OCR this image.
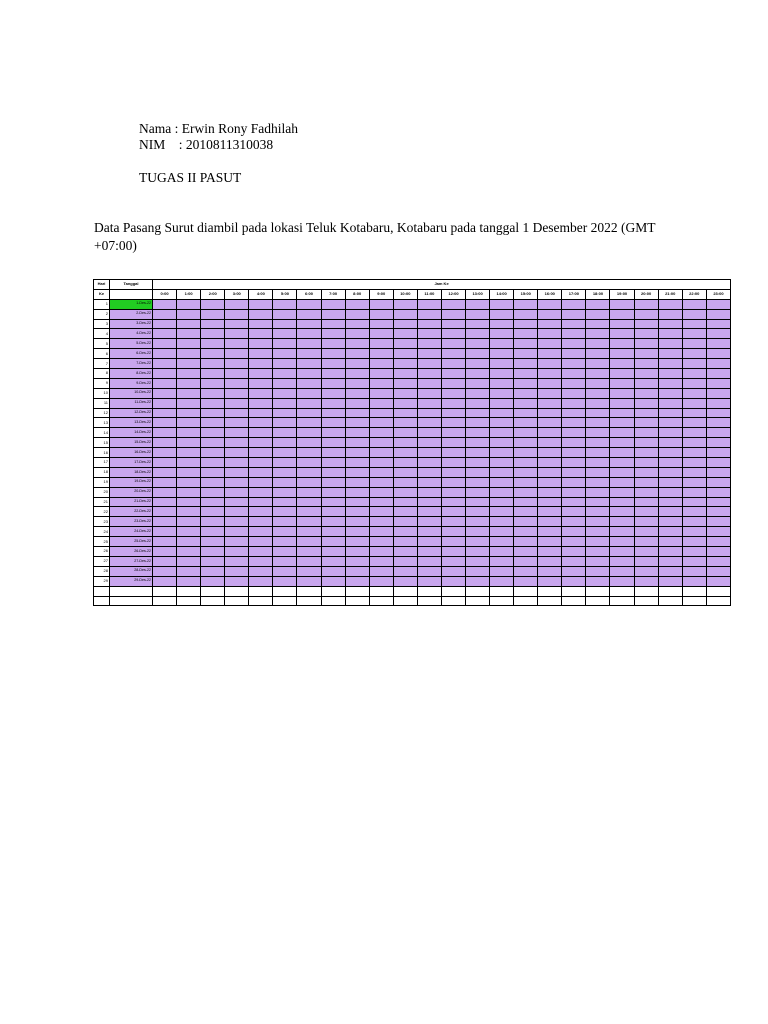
Nama : Erwin Rony Fadhilah
NIM    : 2010811310038
TUGAS II PASUT
Data Pasang Surut diambil pada lokasi Teluk Kotabaru, Kotabaru pada tanggal 1 Desember 2022 (GMT +07:00)
Hari	Tanggal	Jam Ke																							
Ke		0:00	1:00	2:00	3:00	4:00	5:00	6:00	7:00	8:00	9:00	10:00	11:00	12:00	13:00	14:00	15:00	16:00	17:00	18:00	19:00	20:00	21:00	22:00	23:00
1	1-Des-22																								
2	2-Des-22																								
3	3-Des-22																								
4	4-Des-22																								
5	5-Des-22																								
6	6-Des-22																								
7	7-Des-22																								
8	8-Des-22																								
9	9-Des-22																								
10	10-Des-22																								
11	11-Des-22																								
12	12-Des-22																								
13	13-Des-22																								
14	14-Des-22																								
15	15-Des-22																								
16	16-Des-22																								
17	17-Des-22																								
18	18-Des-22																								
19	19-Des-22																								
20	20-Des-22																								
21	21-Des-22																								
22	22-Des-22																								
23	23-Des-22																								
24	24-Des-22																								
25	25-Des-22																								
26	26-Des-22																								
27	27-Des-22																								
28	28-Des-22																								
29	29-Des-22																								
